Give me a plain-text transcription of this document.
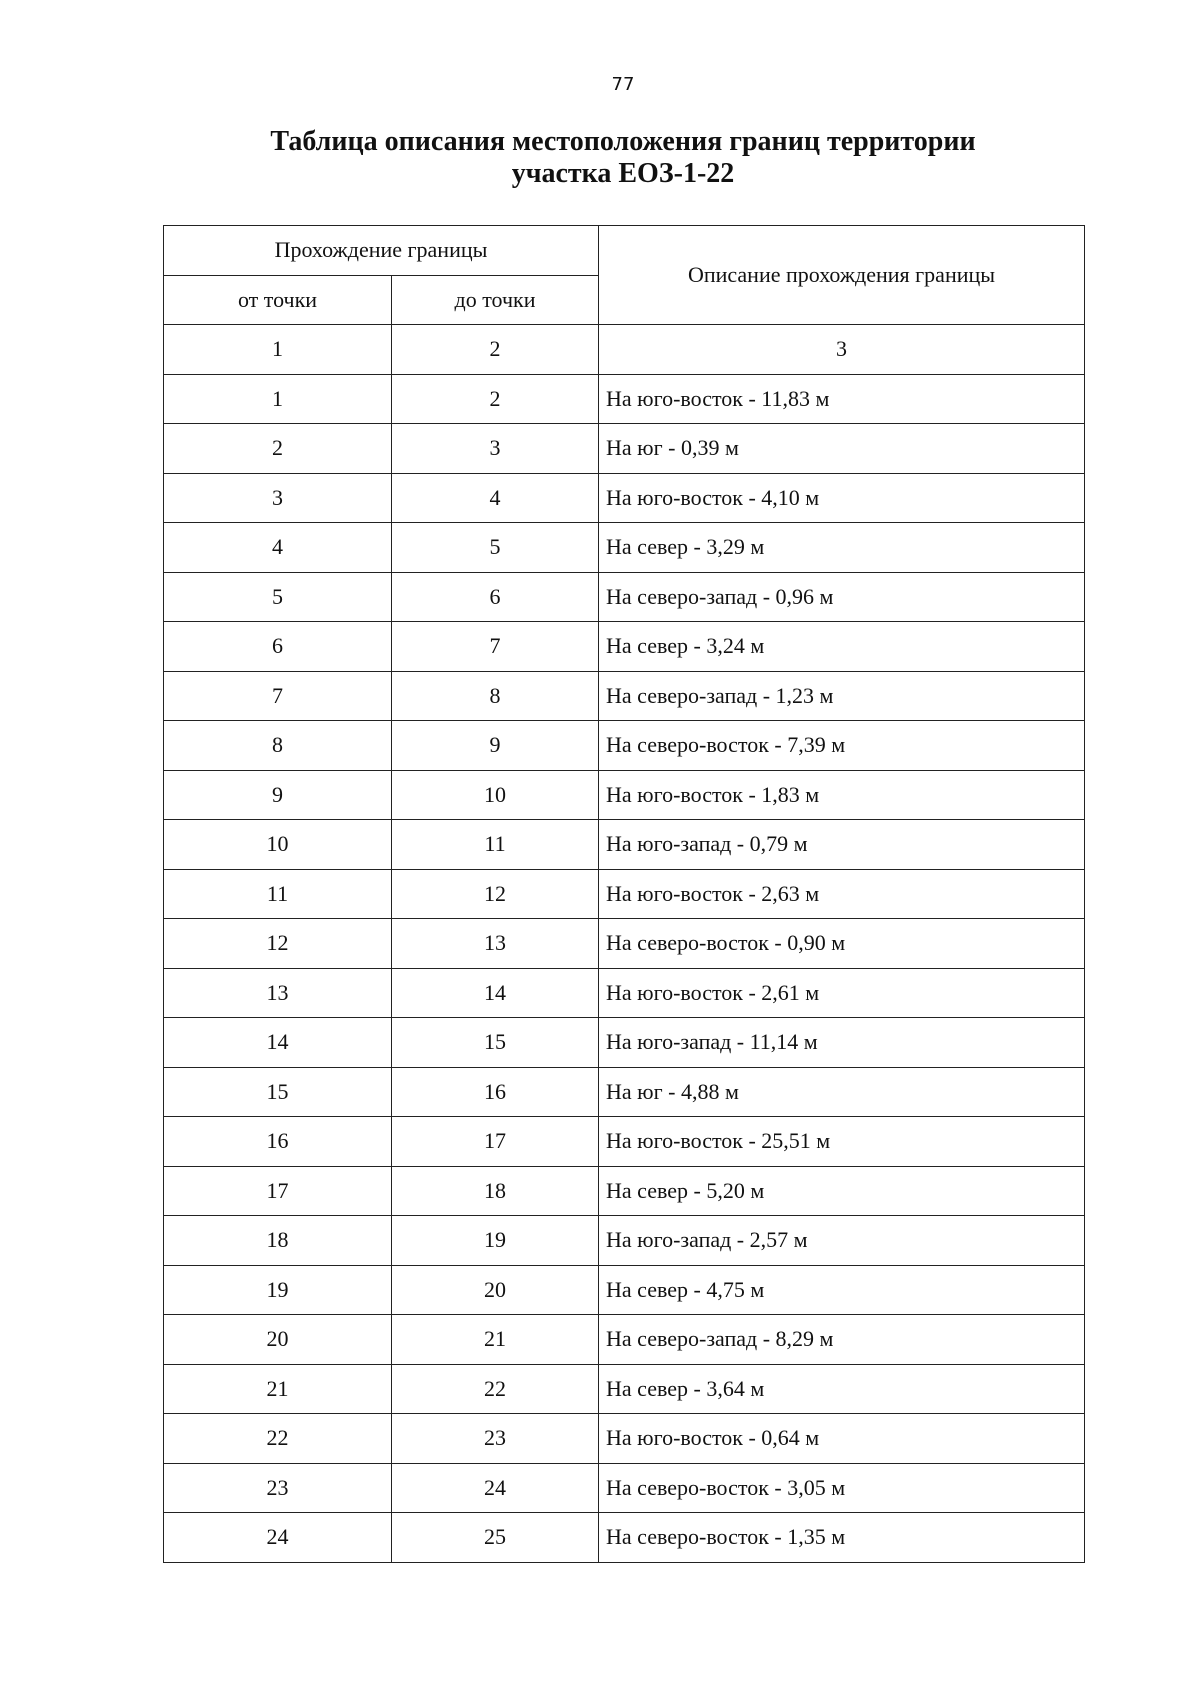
77
Таблица описания местоположения границ территории
участка ЕОЗ-1-22
Прохождение границы		Описание прохождения границы
от точки	до точки	
1	2	3
1	2	На юго-восток - 11,83 м
2	3	На юг - 0,39 м
3	4	На юго-восток - 4,10 м
4	5	На север - 3,29 м
5	6	На северо-запад - 0,96 м
6	7	На север - 3,24 м
7	8	На северо-запад - 1,23 м
8	9	На северо-восток - 7,39 м
9	10	На юго-восток - 1,83 м
10	11	На юго-запад - 0,79 м
11	12	На юго-восток - 2,63 м
12	13	На северо-восток - 0,90 м
13	14	На юго-восток - 2,61 м
14	15	На юго-запад - 11,14 м
15	16	На юг - 4,88 м
16	17	На юго-восток - 25,51 м
17	18	На север - 5,20 м
18	19	На юго-запад - 2,57 м
19	20	На север - 4,75 м
20	21	На северо-запад - 8,29 м
21	22	На север - 3,64 м
22	23	На юго-восток - 0,64 м
23	24	На северо-восток - 3,05 м
24	25	На северо-восток - 1,35 м
